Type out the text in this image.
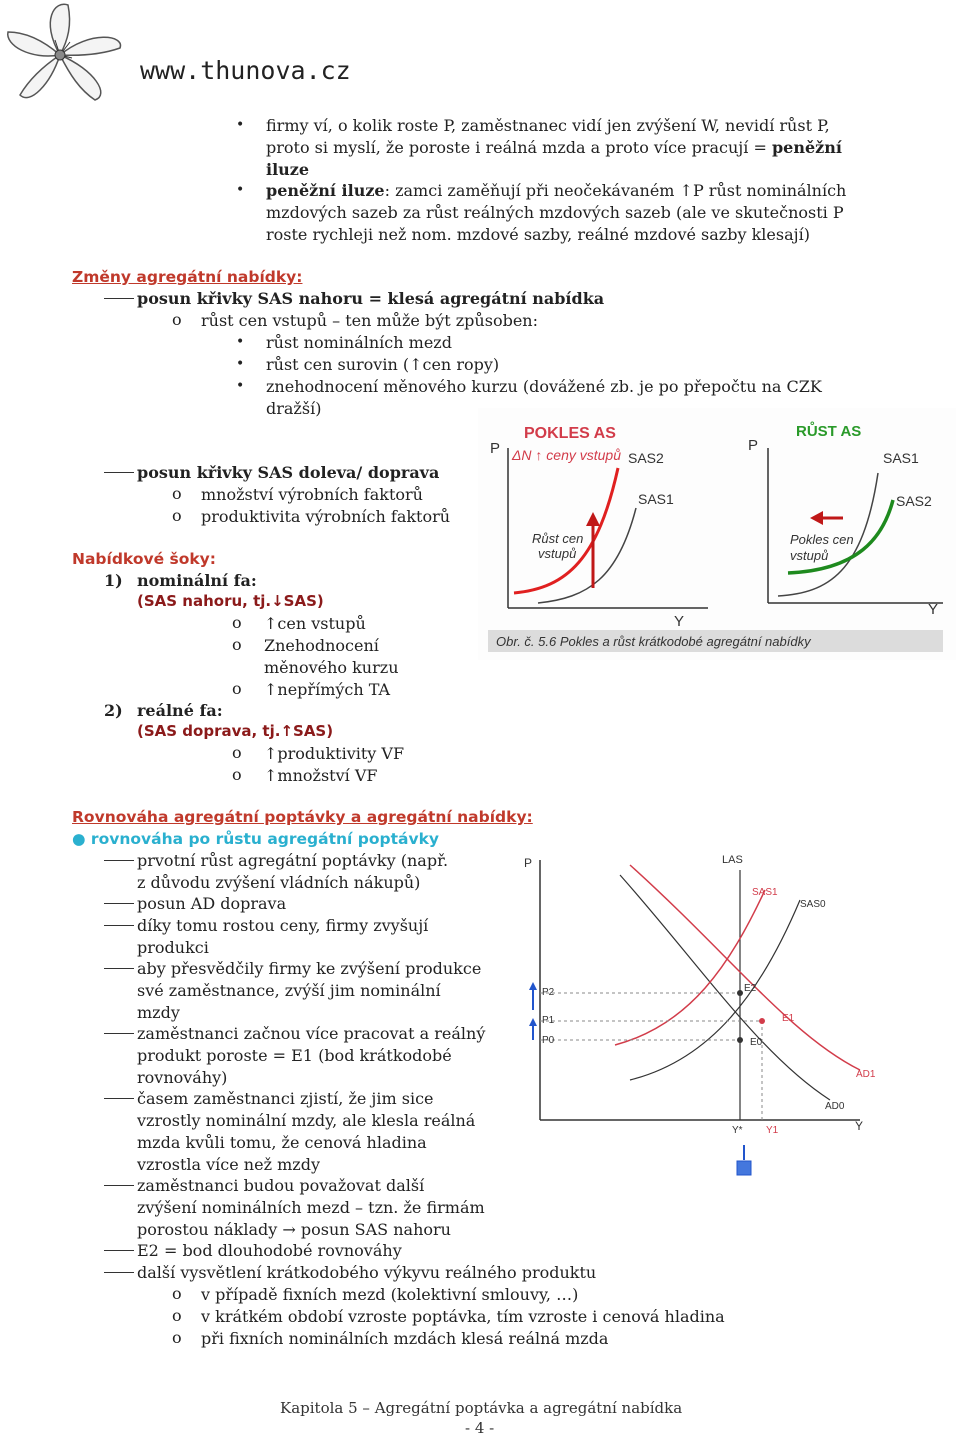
www.thunova.cz
• firmy ví, o kolik roste P, zaměstnanec vidí jen zvýšení W, nevidí růst P,
proto si myslí, že poroste i reálná mzda a proto více pracují = peněžní
iluze
• peněžní iluze: zamci zaměňují při neočekávaném ↑P růst nominálních
mzdových sazeb za růst reálných mzdových sazeb (ale ve skutečnosti P
roste rychleji než nom. mzdové sazby, reálné mzdové sazby klesají)
Změny agregátní nabídky:
posun křivky SAS nahoru = klesá agregátní nabídka
o růst cen vstupů – ten může být způsoben:
• růst nominálních mezd
• růst cen surovin (↑cen ropy)
• znehodnocení měnového kurzu (dovážené zb. je po přepočtu na CZK
dražší)
posun křivky SAS doleva/ doprava
o množství výrobních faktorů
o produktivita výrobních faktorů
P
Y
POKLES AS
ΔN ↑ ceny vstupů SAS2
SAS1
Růst cen
vstupů
P
Y
RŮST AS
SAS1
SAS2
Pokles cen
vstupů
Obr. č. 5.6 Pokles a růst krátkodobé agregátní nabídky
Nabídkové šoky:
1) nominální fa:
(SAS nahoru, tj.↓SAS)
o ↑cen vstupů
o Znehodnocení
měnového kurzu
o ↑nepřímých TA
2) reálné fa:
(SAS doprava, tj.↑SAS)
o ↑produktivity VF
o ↑množství VF
Rovnováha agregátní poptávky a agregátní nabídky:
● rovnováha po růstu agregátní poptávky
prvotní růst agregátní poptávky (např.
z důvodu zvýšení vládních nákupů)
posun AD doprava
díky tomu rostou ceny, firmy zvyšují
produkci
aby přesvědčily firmy ke zvýšení produkce
své zaměstnance, zvýší jim nominální
mzdy
zaměstnanci začnou více pracovat a reálný
produkt poroste = E1 (bod krátkodobé
rovnováhy)
časem zaměstnanci zjistí, že jim sice
vzrostly nominální mzdy, ale klesla reálná
mzda kvůli tomu, že cenová hladina
vzrostla více než mzdy
zaměstnanci budou považovat další
zvýšení nominálních mezd – tzn. že firmám
porostou náklady → posun SAS nahoru
E2 = bod dlouhodobé rovnováhy
další vysvětlení krátkodobého výkyvu reálného produktu
o v případě fixních mezd (kolektivní smlouvy, …)
o v krátkém období vzroste poptávka, tím vzroste i cenová hladina
o při fixních nominálních mzdách klesá reálná mzda
P
Y
LAS
AD0
AD1
SAS1
SAS0
P2
P1
P0
E2
E1
E0
Y* Y1
Kapitola 5 – Agregátní poptávka a agregátní nabídka
- 4 -
